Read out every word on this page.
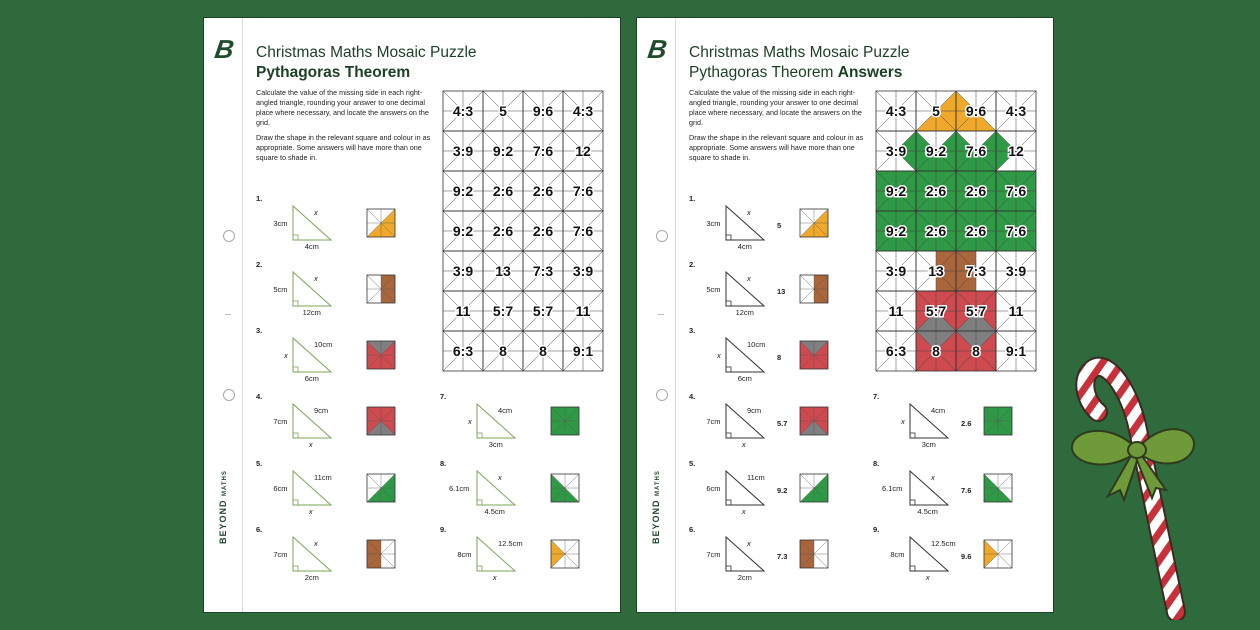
B
BEYOND MATHS
Christmas Maths Mosaic Puzzle
Pythagoras Theorem

Calculate the value of the missing side in each right-angled triangle, rounding your answer to one decimal place where necessary, and locate the answers on the grid.

Draw the shape in the relevant square and colour in as appropriate. Some answers will have more than one square to shade in.

4:3 5 9:6 4:3
3:9 9:2 7:6 12
9:2 2:6 2:6 7:6
9:2 2:6 2:6 7:6
3:9 13 7:3 3:9
11 5:7 5:7 11
6:3 8 8 9:1
1.
3cm
4cm
x
2.
5cm
12cm
x
3.
x
6cm
10cm
4.
7cm
x
9cm
5.
6cm
x
11cm
6.
7cm
2cm
x
7.
x
3cm
4cm
8.
6.1cm
4.5cm
x
9.
8cm
x
12.5cm
B
BEYOND MATHS
Christmas Maths Mosaic Puzzle
Pythagoras Theorem Answers

Calculate the value of the missing side in each right-angled triangle, rounding your answer to one decimal place where necessary, and locate the answers on the grid.

Draw the shape in the relevant square and colour in as appropriate. Some answers will have more than one square to shade in.

4:3 5 9:6 4:3
3:9 9:2 7:6 12
9:2 2:6 2:6 7:6
9:2 2:6 2:6 7:6
3:9 13 7:3 3:9
11 5:7 5:7 11
6:3 8 8 9:1
1.
3cm
4cm
x
5
2.
5cm
12cm
x
13
3.
x
6cm
10cm
8
4.
7cm
x
9cm
5.7
5.
6cm
x
11cm
9.2
6.
7cm
2cm
x
7.3
7.
x
3cm
4cm
2.6
8.
6.1cm
4.5cm
x
7.6
9.
8cm
x
12.5cm
9.6
